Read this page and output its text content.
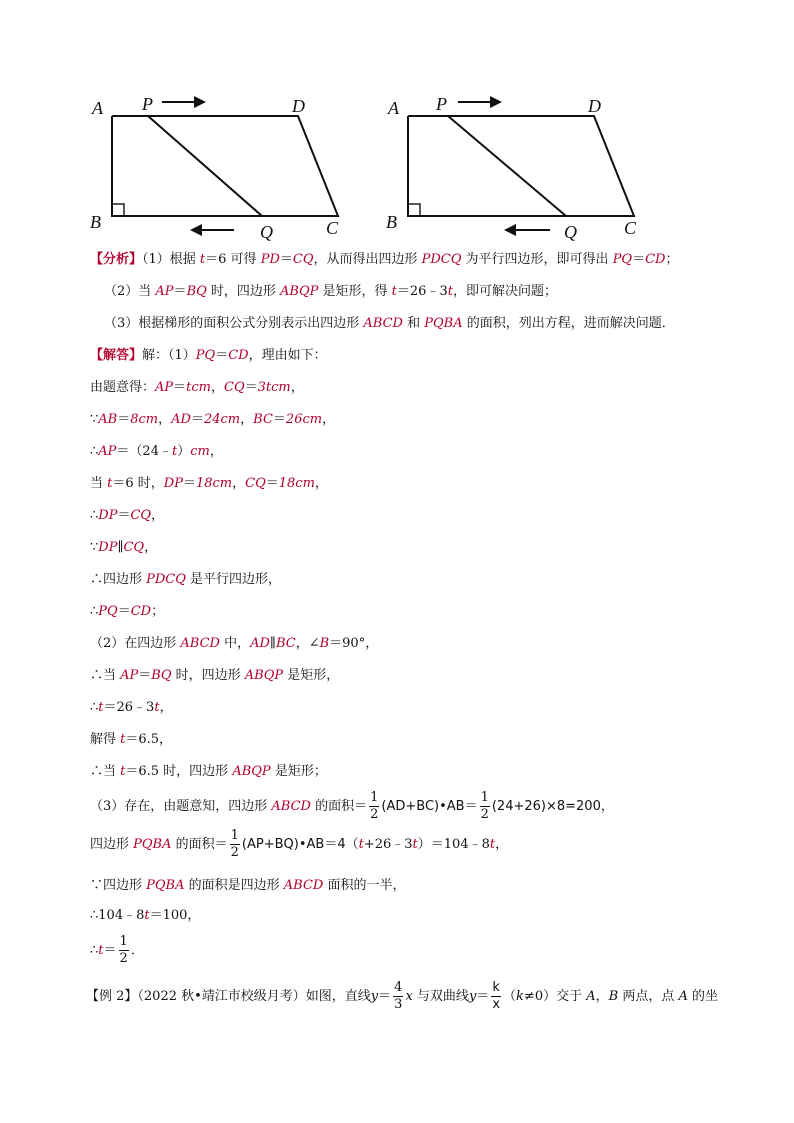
A P	D
B	Q	C
A P	D
B	Q	C
【分析】（1）根据 t＝6 可得 PD＝CQ，从而得出四边形 PDCQ 为平行四边形，即可得出 PQ＝CD；
（2）当 AP＝BQ 时，四边形 ABQP 是矩形，得 t＝26﹣3t，即可解决问题；
（3）根据梯形的面积公式分别表示出四边形 ABCD 和 PQBA 的面积，列出方程，进而解决问题．
【解答】解：（1）PQ＝CD，理由如下：
由题意得：AP＝tcm，CQ＝3tcm，
∵AB＝8cm，AD＝24cm，BC＝26cm，
∴AP＝（24﹣t）cm，
当 t＝6 时，DP＝18cm，CQ＝18cm，
∴DP＝CQ，
∵DP∥CQ，
∴四边形 PDCQ 是平行四边形，
∴PQ＝CD；
（2）在四边形 ABCD 中，AD∥BC，∠B＝90°，
∴当 AP＝BQ 时，四边形 ABQP 是矩形，
∴t＝26﹣3t，
解得 t＝6.5，
∴当 t＝6.5 时，四边形 ABQP 是矩形；
（3）存在，由题意知，四边形 ABCD 的面积＝ $\frac{1}{2}$ (AD+BC)•AB＝ $\frac{1}{2} (24+26)\times 8=200$，
四边形 PQBA 的面积＝ $\frac{1}{2}$ (AP+BQ)•AB＝4（t+26﹣3t）＝104﹣8t，
∵四边形 PQBA 的面积是四边形 ABCD 面积的一半，
∴104﹣8t＝100，
∴t＝ $\frac{1}{2}$ ．
【例 2】（2022 秋•靖江市校级月考）如图，直线$y= \frac{4}{3}$ x 与双曲线$y= \frac{k}{x} (k\ne 0)$交于 A，B 两点，点 A 的坐
